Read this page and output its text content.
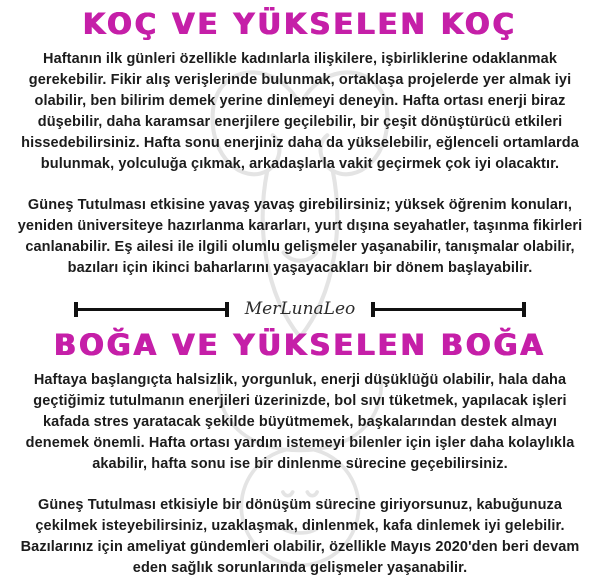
KOÇ VE YÜKSELEN KOÇ

Haftanın ilk günleri özellikle kadınlarla ilişkilere, işbirliklerine odaklanmak gerekebilir. Fikir alış verişlerinde bulunmak, ortaklaşa projelerde yer almak iyi olabilir, ben bilirim demek yerine dinlemeyi deneyin. Hafta ortası enerji biraz düşebilir, daha karamsar enerjilere geçilebilir, bir çeşit dönüştürücü etkileri hissedebilirsiniz. Hafta sonu enerjiniz daha da yükselebilir, eğlenceli ortamlarda bulunmak, yolculuğa çıkmak, arkadaşlarla vakit geçirmek çok iyi olacaktır.

Güneş Tutulması etkisine yavaş yavaş girebilirsiniz; yüksek öğrenim konuları, yeniden üniversiteye hazırlanma kararları, yurt dışına seyahatler, taşınma fikirleri canlanabilir. Eş ailesi ile ilgili olumlu gelişmeler yaşanabilir, tanışmalar olabilir, bazıları için ikinci baharlarını yaşayacakları bir dönem başlayabilir.

MerLunaLeo
BOĞA VE YÜKSELEN BOĞA

Haftaya başlangıçta halsizlik, yorgunluk, enerji düşüklüğü olabilir, hala daha geçtiğimiz tutulmanın enerjileri üzerinizde, bol sıvı tüketmek, yapılacak işleri kafada stres yaratacak şekilde büyütmemek, başkalarından destek almayı denemek önemli. Hafta ortası yardım istemeyi bilenler için işler daha kolaylıkla akabilir, hafta sonu ise bir dinlenme sürecine geçebilirsiniz.

Güneş Tutulması etkisiyle bir dönüşüm sürecine giriyorsunuz, kabuğunuza çekilmek isteyebilirsiniz, uzaklaşmak, dinlenmek, kafa dinlemek iyi gelebilir. Bazılarınız için ameliyat gündemleri olabilir, özellikle Mayıs 2020'den beri devam eden sağlık sorunlarında gelişmeler yaşanabilir.
